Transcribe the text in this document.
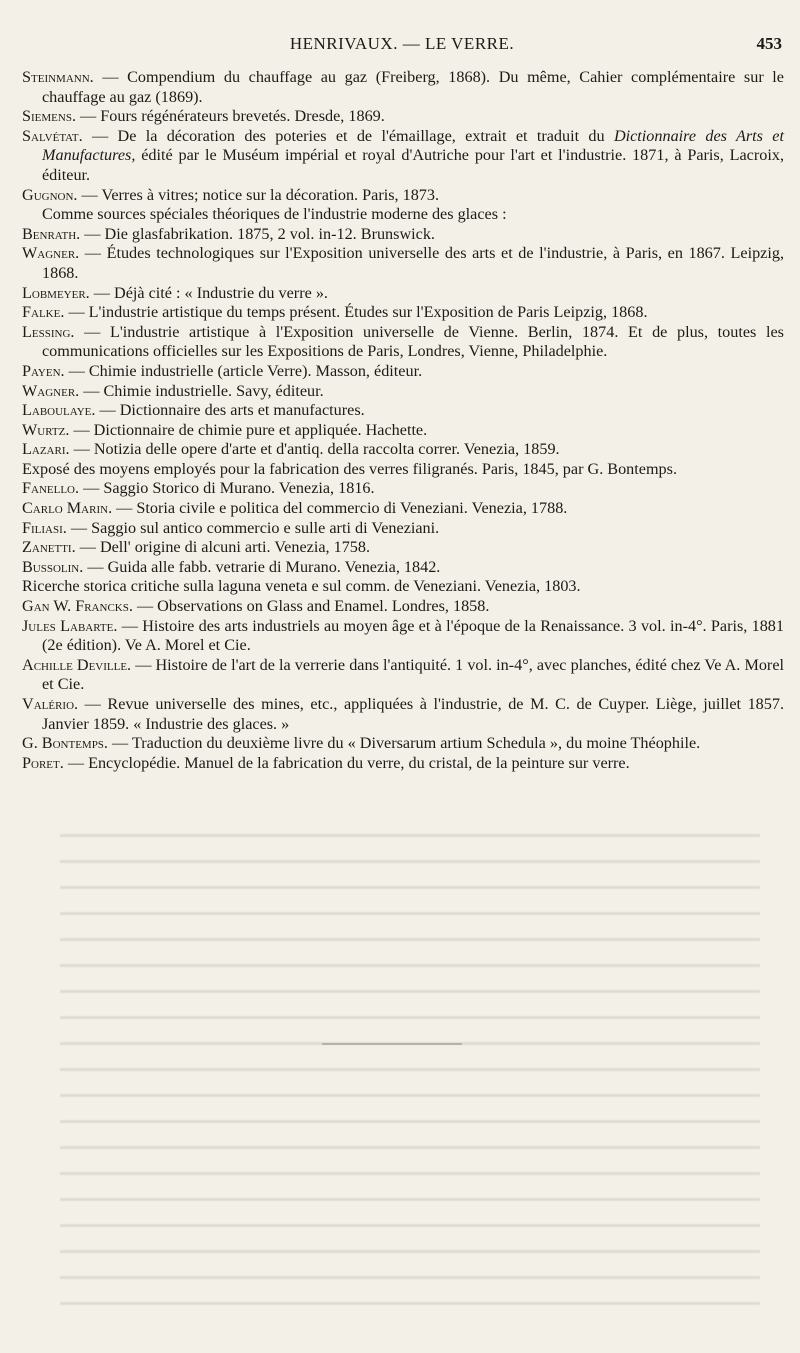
HENRIVAUX. — LE VERRE.	453
Steinmann. — Compendium du chauffage au gaz (Freiberg, 1868). Du même, Cahier complémentaire sur le chauffage au gaz (1869).
Siemens. — Fours régénérateurs brevetés. Dresde, 1869.
Salvétat. — De la décoration des poteries et de l'émaillage, extrait et traduit du Dictionnaire des Arts et Manufactures, édité par le Muséum impérial et royal d'Autriche pour l'art et l'industrie. 1871, à Paris, Lacroix, éditeur.
Gugnon. — Verres à vitres; notice sur la décoration. Paris, 1873.
Comme sources spéciales théoriques de l'industrie moderne des glaces :
Benrath. — Die glasfabrikation. 1875, 2 vol. in-12. Brunswick.
Wagner. — Études technologiques sur l'Exposition universelle des arts et de l'industrie, à Paris, en 1867. Leipzig, 1868.
Lobmeyer. — Déjà cité : « Industrie du verre ».
Falke. — L'industrie artistique du temps présent. Études sur l'Exposition de Paris Leipzig, 1868.
Lessing. — L'industrie artistique à l'Exposition universelle de Vienne. Berlin, 1874. Et de plus, toutes les communications officielles sur les Expositions de Paris, Londres, Vienne, Philadelphie.
Payen. — Chimie industrielle (article Verre). Masson, éditeur.
Wagner. — Chimie industrielle. Savy, éditeur.
Laboulaye. — Dictionnaire des arts et manufactures.
Wurtz. — Dictionnaire de chimie pure et appliquée. Hachette.
Lazari. — Notizia delle opere d'arte et d'antiq. della raccolta correr. Venezia, 1859.
Exposé des moyens employés pour la fabrication des verres filigranés. Paris, 1845, par G. Bontemps.
Fanello. — Saggio Storico di Murano. Venezia, 1816.
Carlo Marin. — Storia civile e politica del commercio di Veneziani. Venezia, 1788.
Filiasi. — Saggio sul antico commercio e sulle arti di Veneziani.
Zanetti. — Dell' origine di alcuni arti. Venezia, 1758.
Bussolin. — Guida alle fabb. vetrarie di Murano. Venezia, 1842.
Ricerche storica critiche sulla laguna veneta e sul comm. de Veneziani. Venezia, 1803.
Gan W. Francks. — Observations on Glass and Enamel. Londres, 1858.
Jules Labarte. — Histoire des arts industriels au moyen âge et à l'époque de la Renaissance. 3 vol. in-4°. Paris, 1881 (2e édition). Ve A. Morel et Cie.
Achille Deville. — Histoire de l'art de la verrerie dans l'antiquité. 1 vol. in-4°, avec planches, édité chez Ve A. Morel et Cie.
Valério. — Revue universelle des mines, etc., appliquées à l'industrie, de M. C. de Cuyper. Liège, juillet 1857. Janvier 1859. « Industrie des glaces. »
G. Bontemps. — Traduction du deuxième livre du « Diversarum artium Schedula », du moine Théophile.
Poret. — Encyclopédie. Manuel de la fabrication du verre, du cristal, de la peinture sur verre.
